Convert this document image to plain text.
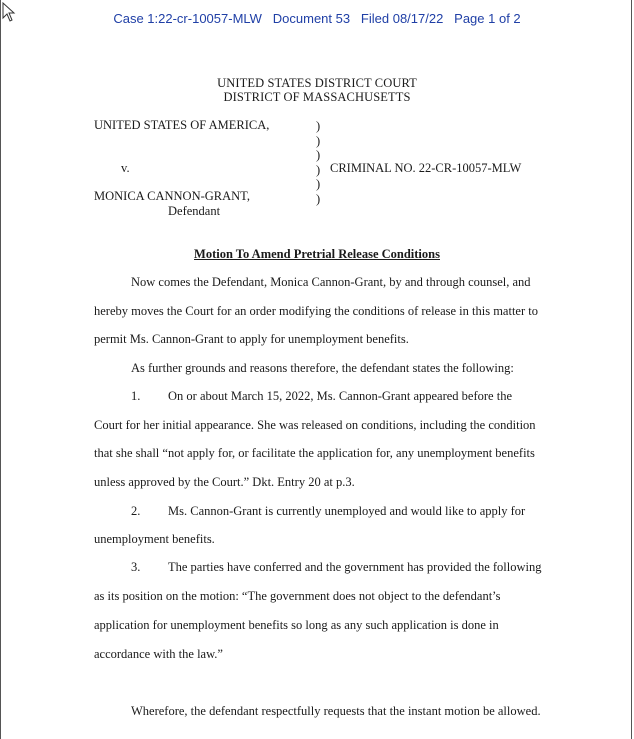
Case 1:22-cr-10057-MLW   Document 53   Filed 08/17/22   Page 1 of 2
UNITED STATES DISTRICT COURT
DISTRICT OF MASSACHUSETTS
UNITED STATES OF AMERICA,
v.
MONICA CANNON-GRANT,
Defendant
)
)
)
)
)
)
CRIMINAL NO. 22-CR-10057-MLW
Motion To Amend Pretrial Release Conditions
Now comes the Defendant, Monica Cannon-Grant, by and through counsel, and
hereby moves the Court for an order modifying the conditions of release in this matter to
permit Ms. Cannon-Grant to apply for unemployment benefits.
As further grounds and reasons therefore, the defendant states the following:
1. On or about March 15, 2022, Ms. Cannon-Grant appeared before the
Court for her initial appearance. She was released on conditions, including the condition
that she shall “not apply for, or facilitate the application for, any unemployment benefits
unless approved by the Court.” Dkt. Entry 20 at p.3.
2. Ms. Cannon-Grant is currently unemployed and would like to apply for
unemployment benefits.
3. The parties have conferred and the government has provided the following
as its position on the motion: “The government does not object to the defendant’s
application for unemployment benefits so long as any such application is done in
accordance with the law.”
Wherefore, the defendant respectfully requests that the instant motion be allowed.
